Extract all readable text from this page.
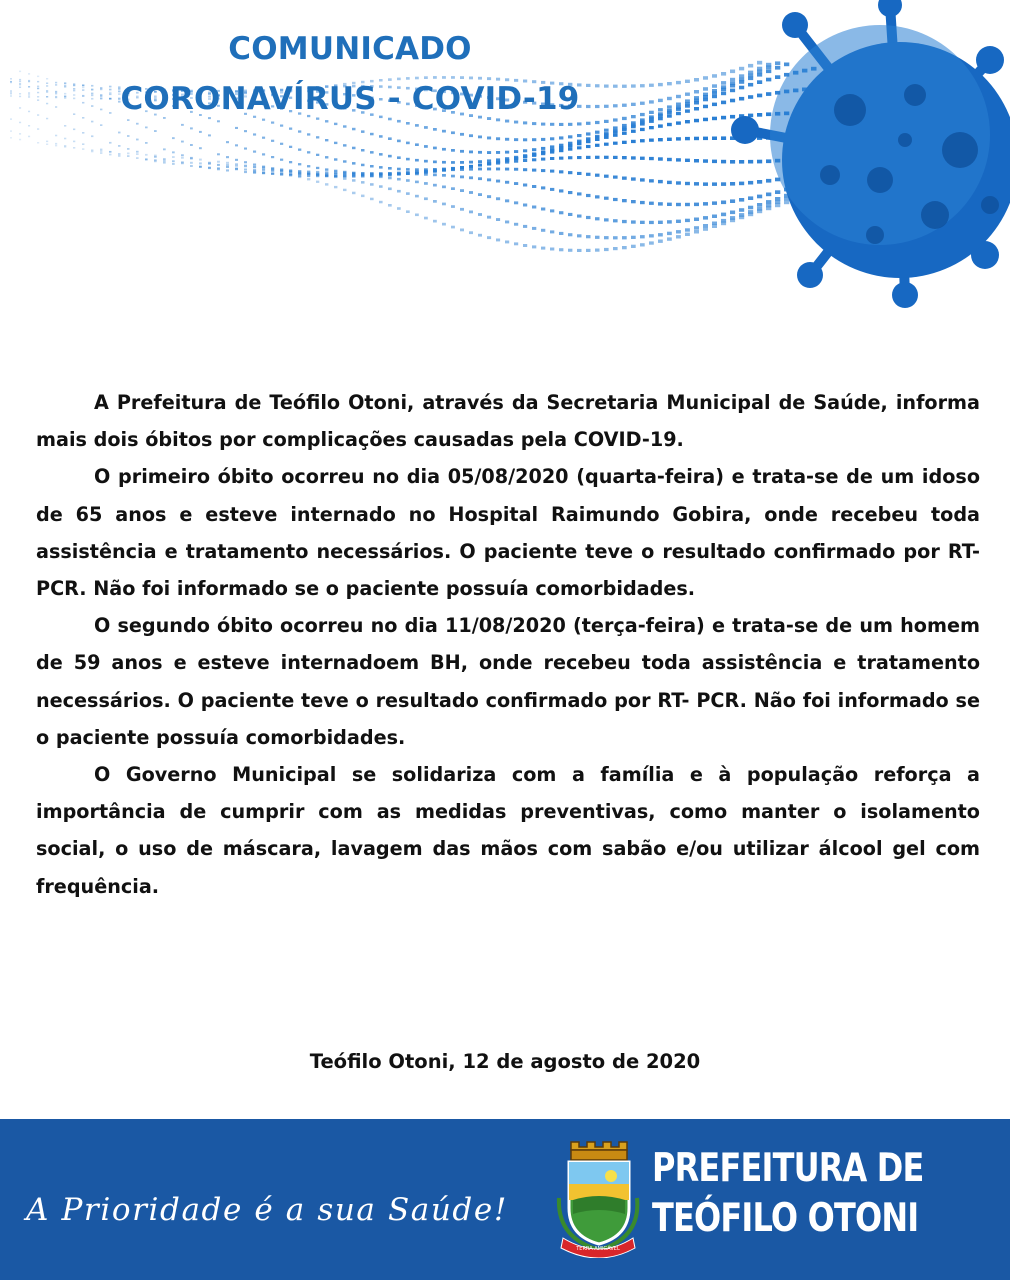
COMUNICADO
CORONAVÍRUS - COVID-19

A Prefeitura de Teófilo Otoni, através da Secretaria Municipal de Saúde, informa mais dois óbitos por complicações causadas pela COVID-19.

O primeiro óbito ocorreu no dia 05/08/2020 (quarta-feira) e trata-se de um idoso de 65 anos e esteve internado no Hospital Raimundo Gobira, onde recebeu toda assistência e tratamento necessários. O paciente teve o resultado confirmado por RT- PCR. Não foi informado se o paciente possuía comorbidades.

O segundo óbito ocorreu no dia 11/08/2020 (terça-feira) e trata-se de um homem de 59 anos e esteve internadoem BH, onde recebeu toda assistência e tratamento necessários. O paciente teve o resultado confirmado por RT- PCR. Não foi informado se o paciente possuía comorbidades.

O Governo Municipal se solidariza com a família e à população reforça a importância de cumprir com as medidas preventivas, como manter o isolamento social, o uso de máscara, lavagem das mãos com sabão e/ou utilizar álcool gel com frequência.

Teófilo Otoni, 12 de agosto de 2020
A Prioridade é a sua Saúde!
TERRA AMIGÁVEL
PREFEITURA DE
TEÓFILO OTONI
